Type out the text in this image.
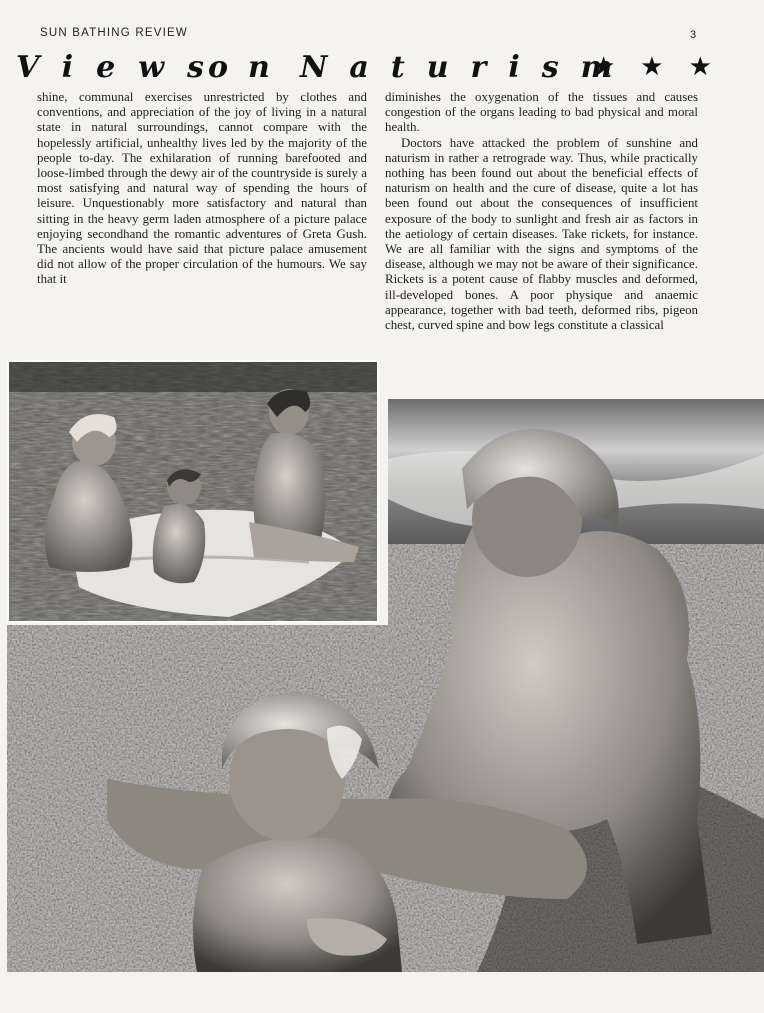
SUN BATHING REVIEW	3
Views
on Naturism
★★★

shine, communal exercises unrestricted by clothes and conventions, and appreciation of the joy of living in a natural state in natural surroundings, cannot compare with the hopelessly artificial, unhealthy lives led by the majority of the people to-day. The exhilaration of running barefooted and loose-limbed through the dewy air of the countryside is surely a most satisfying and natural way of spending the hours of leisure. Unquestionably more satisfactory and natural than sitting in the heavy germ laden atmosphere of a picture palace enjoying secondhand the romantic adventures of Greta Gush. The ancients would have said that picture palace amusement did not allow of the proper circulation of the humours. We say that it

diminishes the oxygenation of the tissues and causes congestion of the organs leading to bad physical and moral health.

Doctors have attacked the problem of sunshine and naturism in rather a retrograde way. Thus, while practically nothing has been found out about the beneficial effects of naturism on health and the cure of disease, quite a lot has been found out about the consequences of insufficient exposure of the body to sunlight and fresh air as factors in the aetiology of certain diseases. Take rickets, for instance. We are all familiar with the signs and symptoms of the disease, although we may not be aware of their significance. Rickets is a potent cause of flabby muscles and deformed, ill-developed bones. A poor physique and anaemic appearance, together with bad teeth, deformed ribs, pigeon chest, curved spine and bow legs constitute a classical
